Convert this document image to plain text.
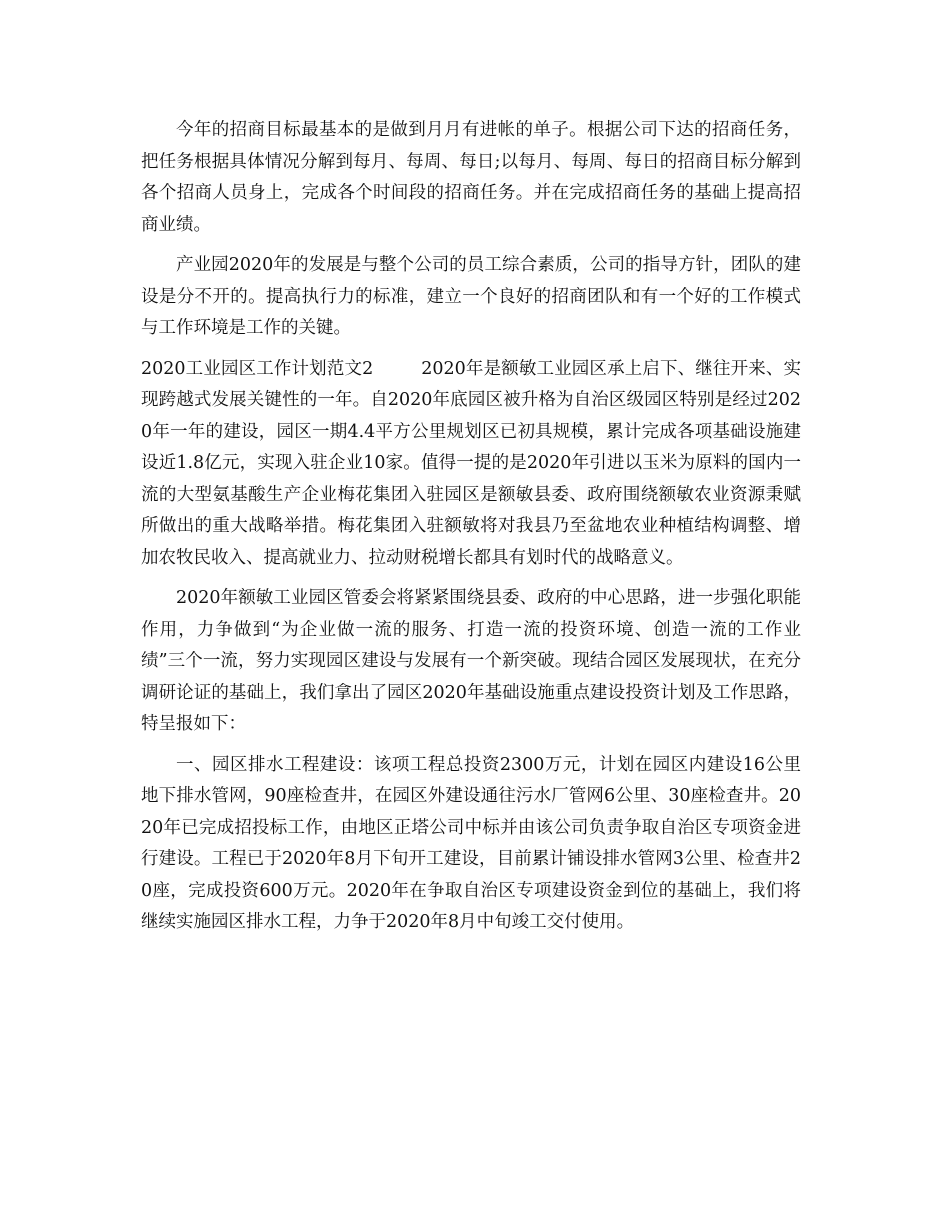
今年的招商目标最基本的是做到月月有进帐的单子。根据公司下达的招商任务，把任务根据具体情况分解到每月、每周、每日;以每月、每周、每日的招商目标分解到各个招商人员身上，完成各个时间段的招商任务。并在完成招商任务的基础上提高招商业绩。

产业园2020年的发展是与整个公司的员工综合素质，公司的指导方针，团队的建设是分不开的。提高执行力的标准，建立一个良好的招商团队和有一个好的工作模式与工作环境是工作的关键。

2020工业园区工作计划范文2	2020年是额敏工业园区承上启下、继往开来、实现跨越式发展关键性的一年。自2020年底园区被升格为自治区级园区特别是经过2020年一年的建设，园区一期4.4平方公里规划区已初具规模，累计完成各项基础设施建设近1.8亿元，实现入驻企业10家。值得一提的是2020年引进以玉米为原料的国内一流的大型氨基酸生产企业梅花集团入驻园区是额敏县委、政府围绕额敏农业资源秉赋所做出的重大战略举措。梅花集团入驻额敏将对我县乃至盆地农业种植结构调整、增加农牧民收入、提高就业力、拉动财税增长都具有划时代的战略意义。

2020年额敏工业园区管委会将紧紧围绕县委、政府的中心思路，进一步强化职能作用，力争做到“为企业做一流的服务、打造一流的投资环境、创造一流的工作业绩”三个一流，努力实现园区建设与发展有一个新突破。现结合园区发展现状，在充分调研论证的基础上，我们拿出了园区2020年基础设施重点建设投资计划及工作思路，特呈报如下：

一、园区排水工程建设：该项工程总投资2300万元，计划在园区内建设16公里地下排水管网，90座检查井，在园区外建设通往污水厂管网6公里、30座检查井。2020年已完成招投标工作，由地区正塔公司中标并由该公司负责争取自治区专项资金进行建设。工程已于2020年8月下旬开工建设，目前累计铺设排水管网3公里、检查井20座，完成投资600万元。2020年在争取自治区专项建设资金到位的基础上，我们将继续实施园区排水工程，力争于2020年8月中旬竣工交付使用。
